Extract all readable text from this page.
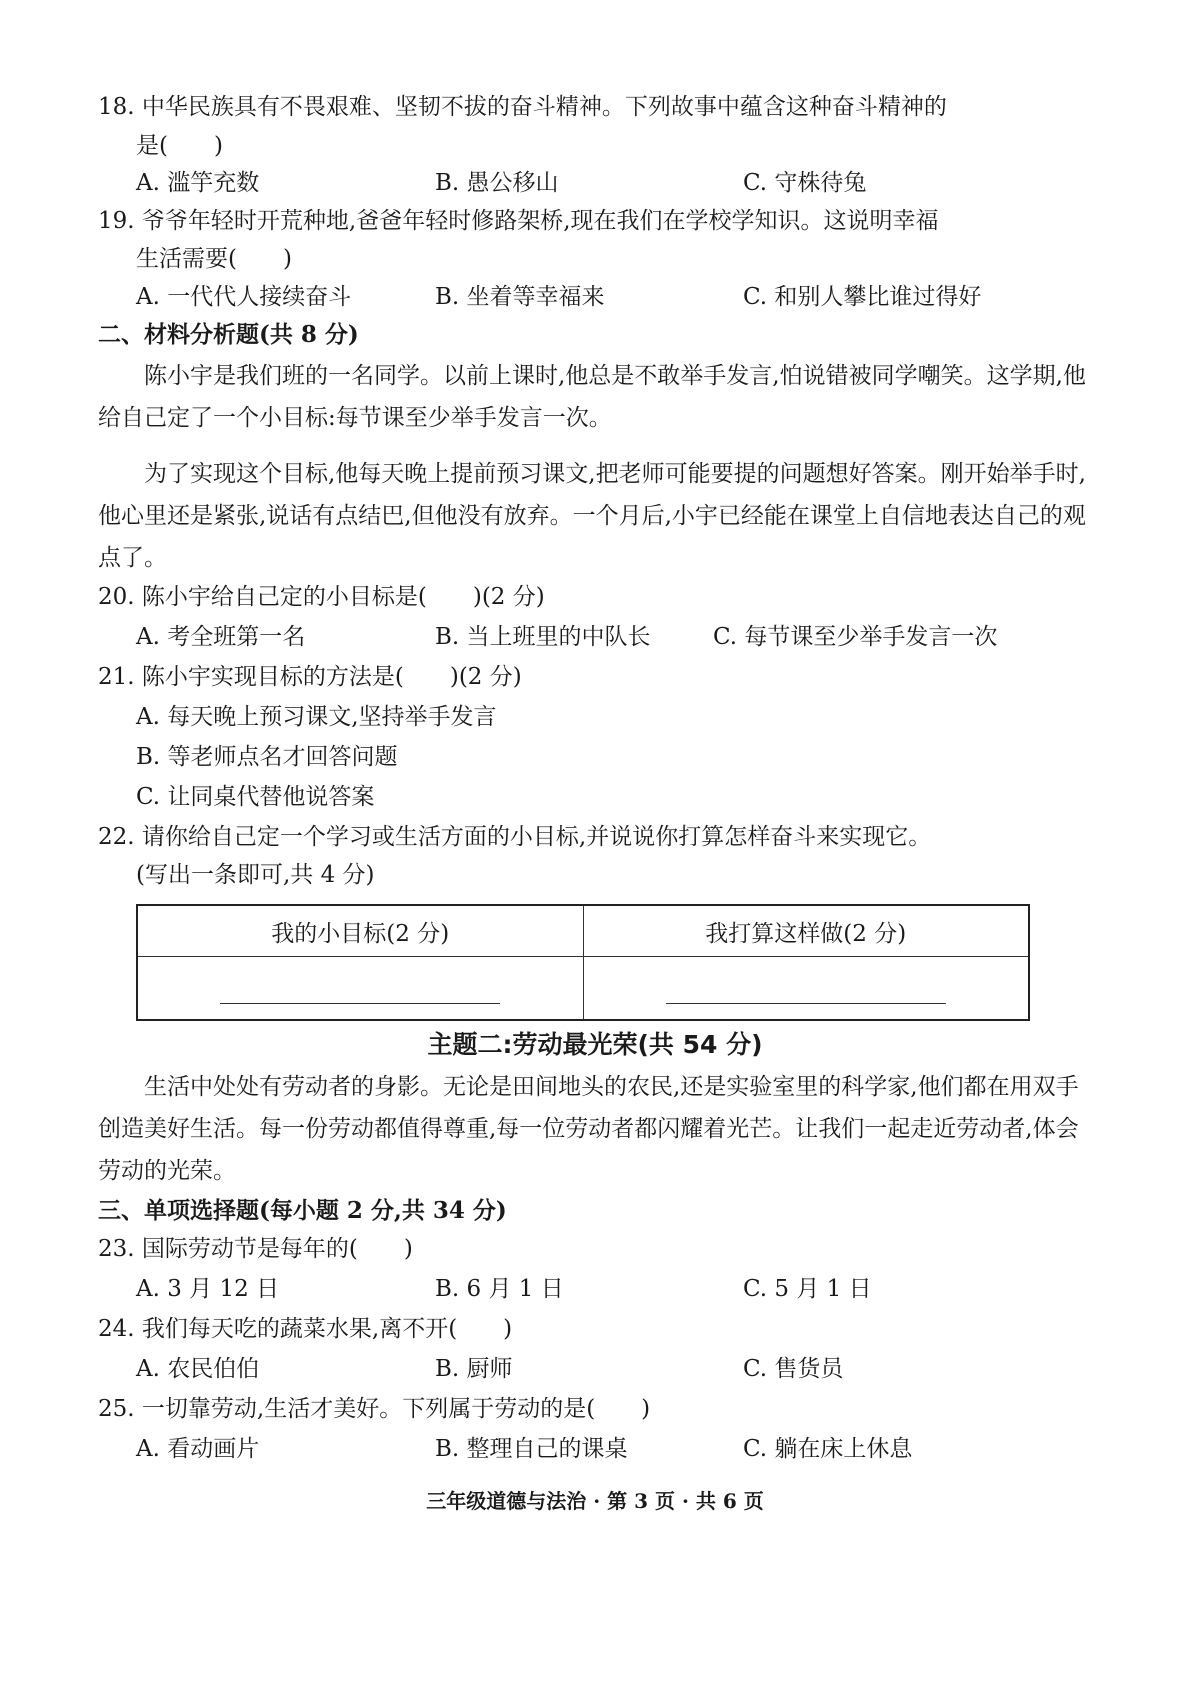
18. 中华民族具有不畏艰难、坚韧不拔的奋斗精神。下列故事中蕴含这种奋斗精神的
是(　　)
A. 滥竽充数	B. 愚公移山	C. 守株待兔
19. 爷爷年轻时开荒种地,爸爸年轻时修路架桥,现在我们在学校学知识。这说明幸福
生活需要(　　)
A. 一代代人接续奋斗	B. 坐着等幸福来	C. 和别人攀比谁过得好
二、材料分析题(共 8 分)
陈小宇是我们班的一名同学。以前上课时,他总是不敢举手发言,怕说错被同学嘲笑。这学期,他给自己定了一个小目标:每节课至少举手发言一次。
为了实现这个目标,他每天晚上提前预习课文,把老师可能要提的问题想好答案。刚开始举手时,他心里还是紧张,说话有点结巴,但他没有放弃。一个月后,小宇已经能在课堂上自信地表达自己的观点了。
20. 陈小宇给自己定的小目标是(　　)(2 分)
A. 考全班第一名	B. 当上班里的中队长	C. 每节课至少举手发言一次
21. 陈小宇实现目标的方法是(　　)(2 分)
A. 每天晚上预习课文,坚持举手发言
B. 等老师点名才回答问题
C. 让同桌代替他说答案
22. 请你给自己定一个学习或生活方面的小目标,并说说你打算怎样奋斗来实现它。
(写出一条即可,共 4 分)
我的小目标(2 分)	我打算这样做(2 分)

主题二:劳动最光荣(共 54 分)
生活中处处有劳动者的身影。无论是田间地头的农民,还是实验室里的科学家,他们都在用双手创造美好生活。每一份劳动都值得尊重,每一位劳动者都闪耀着光芒。让我们一起走近劳动者,体会劳动的光荣。
三、单项选择题(每小题 2 分,共 34 分)
23. 国际劳动节是每年的(　　)
A. 3 月 12 日	B. 6 月 1 日	C. 5 月 1 日
24. 我们每天吃的蔬菜水果,离不开(　　)
A. 农民伯伯	B. 厨师	C. 售货员
25. 一切靠劳动,生活才美好。下列属于劳动的是(　　)
A. 看动画片	B. 整理自己的课桌	C. 躺在床上休息
三年级道德与法治 · 第 3 页 · 共 6 页
